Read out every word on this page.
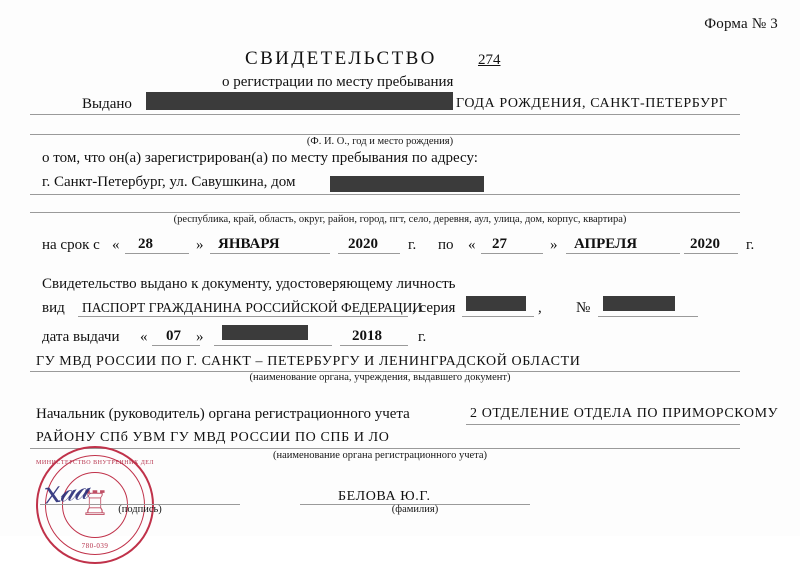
Форма № 3
СВИДЕТЕЛЬСТВО	274
о регистрации по месту пребывания
Выдано	ГОДА РОЖДЕНИЯ, САНКТ-ПЕТЕРБУРГ
(Ф. И. О., год и место рождения)
о том, что он(а) зарегистрирован(а) по месту пребывания по адресу:
г. Санкт-Петербург, ул. Савушкина, дом
(республика, край, область, округ, район, город, пгт, село, деревня, аул, улица, дом, корпус, квартира)
на срок с « 28	» ЯНВАРЯ	2020 г. по « 27	» АПРЕЛЯ	2020 г.
Свидетельство выдано к документу, удостоверяющему личность
вид ПАСПОРТ ГРАЖДАНИНА РОССИЙСКОЙ ФЕДЕРАЦИИ
, серия	, №
дата выдачи « 07 »	2018 г.
ГУ МВД РОССИИ ПО Г. САНКТ – ПЕТЕРБУРГУ И ЛЕНИНГРАДСКОЙ ОБЛАСТИ
(наименование органа, учреждения, выдавшего документ)
Начальник (руководитель) органа регистрационного учета	2 ОТДЕЛЕНИЕ ОТДЕЛА ПО ПРИМОРСКОМУ
РАЙОНУ СПб УВМ ГУ МВД РОССИИ ПО СПБ И ЛО
(наименование органа регистрационного учета)
МИНИСТЕРСТВО ВНУТРЕННИХ ДЕЛ
♖
780-039
x𝒶𝒶	(подпись)
БЕЛОВА Ю.Г.
(фамилия)
